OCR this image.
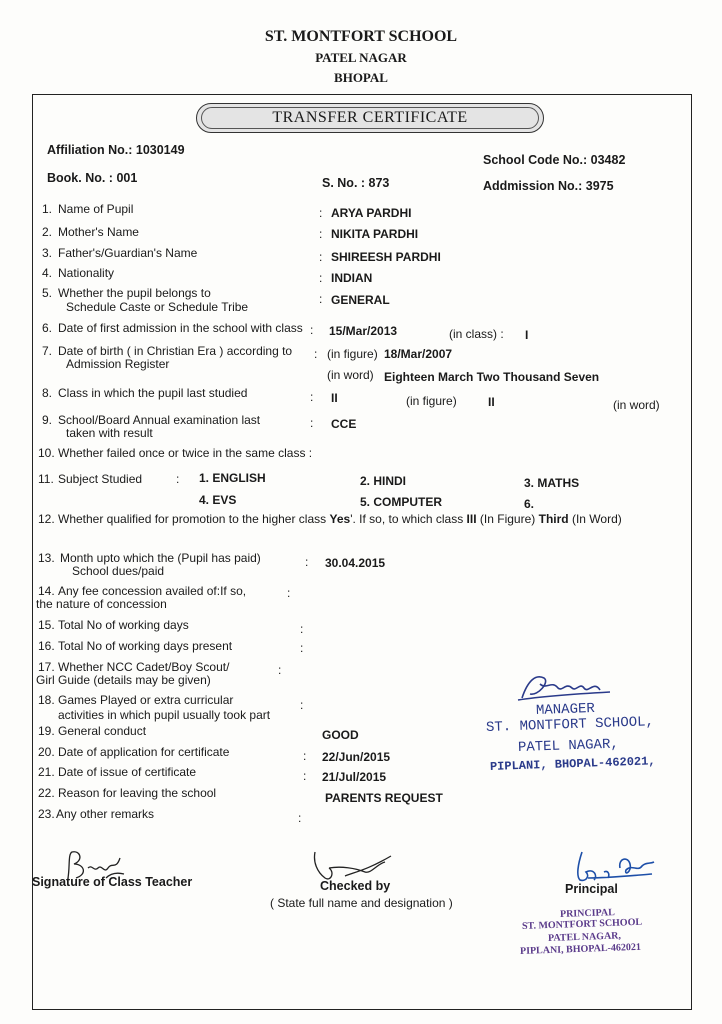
ST. MONTFORT SCHOOL
PATEL NAGAR
BHOPAL
TRANSFER CERTIFICATE
Affiliation No.: 1030149
School Code No.: 03482
Book. No. : 001	S. No. : 873	Addmission No.: 3975
1. Name of Pupil	: ARYA PARDHI
2. Mother's Name	: NIKITA PARDHI
3. Father's/Guardian's Name	: SHIREESH PARDHI
4. Nationality	: INDIAN
5. Whether the pupil belongs to
Schedule Caste or Schedule Tribe
: GENERAL
6. Date of first admission in the school with class : 15/Mar/2013	(in class) : I
7. Date of birth ( in Christian Era ) according to
Admission Register
: (in figure) 18/Mar/2007
(in word) Eighteen March Two Thousand Seven
8. Class in which the pupil last studied	: II	(in figure)	II	(in word)
9. School/Board Annual examination last
taken with result
: CCE
10. Whether failed once or twice in the same class :
11. Subject Studied	: 1. ENGLISH	2. HINDI	3. MATHS
4. EVS	5. COMPUTER	6.
12. Whether qualified for promotion to the higher class Yes'. If so, to which class III (In Figure) Third (In Word)
13. Month upto which the (Pupil has paid)
School dues/paid
: 30.04.2015
14. Any fee concession availed of:If so,
the nature of concession
:
15. Total No of working days	:
16. Total No of working days present	:
17. Whether NCC Cadet/Boy Scout/
Girl Guide (details may be given)
:
18. Games Played or extra curricular
activities in which pupil usually took part
:
19. General conduct	GOOD
20. Date of application for certificate	: 22/Jun/2015
21. Date of issue of certificate	: 21/Jul/2015
22. Reason for leaving the school	PARENTS REQUEST
23. Any other remarks	:
MANAGER
ST. MONTFORT SCHOOL,
PATEL NAGAR,
PIPLANI, BHOPAL-462021,
Signature of Class Teacher	Checked by
( State full name and designation )
Principal
PRINCIPAL
ST. MONTFORT SCHOOL
PATEL NAGAR,
PIPLANI, BHOPAL-462021
